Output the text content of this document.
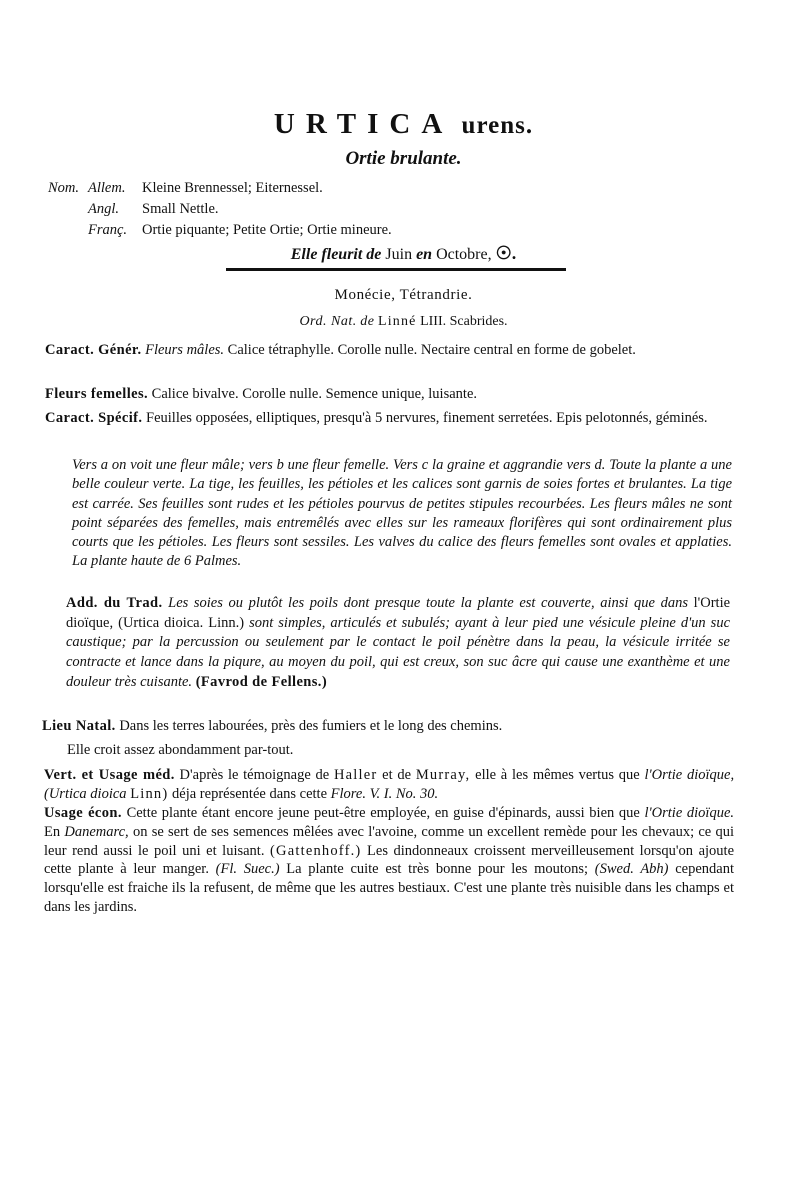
URTICA urens.
Ortie brulante.
Nom. Allem.	Kleine Brennessel; Eiternessel.
Angl.	Small Nettle.
Franç.	Ortie piquante; Petite Ortie; Ortie mineure.
Elle fleurit de Juin en Octobre, ☉.
Monécie, Tétrandrie.
Ord. Nat. de Linné LIII. Scabrides.

Caract. Génér. Fleurs mâles. Calice tétraphylle. Corolle nulle. Nectaire central en forme de gobelet.

Fleurs femelles. Calice bivalve. Corolle nulle. Semence unique, luisante.

Caract. Spécif. Feuilles opposées, elliptiques, presqu'à 5 nervures, finement serretées. Epis pelotonnés, géminés.

Vers a on voit une fleur mâle; vers b une fleur femelle. Vers c la graine et aggrandie vers d. Toute la plante a une belle couleur verte. La tige, les feuilles, les pétioles et les calices sont garnis de soies fortes et brulantes. La tige est carrée. Ses feuilles sont rudes et les pétioles pourvus de petites stipules recourbées. Les fleurs mâles ne sont point séparées des femelles, mais entremêlés avec elles sur les rameaux florifères qui sont ordinairement plus courts que les pétioles. Les fleurs sont sessiles. Les valves du calice des fleurs femelles sont ovales et applaties. La plante haute de 6 Palmes.

Add. du Trad. Les soies ou plutôt les poils dont presque toute la plante est couverte, ainsi que dans l'Ortie dioïque, (Urtica dioica. Linn.) sont simples, articulés et subulés; ayant à leur pied une vésicule pleine d'un suc caustique; par la percussion ou seulement par le contact le poil pénètre dans la peau, la vésicule irritée se contracte et lance dans la piqure, au moyen du poil, qui est creux, son suc âcre qui cause une exanthème et une douleur très cuisante. (Favrod de Fellens.)

Lieu Natal. Dans les terres labourées, près des fumiers et le long des chemins.

Elle croit assez abondamment par-tout.

Vert. et Usage méd. D'après le témoignage de Haller et de Murray, elle à les mêmes vertus que l'Ortie dioïque, (Urtica dioica Linn) déja représentée dans cette Flore. V. I. No. 30.

Usage écon. Cette plante étant encore jeune peut-être employée, en guise d'épinards, aussi bien que l'Ortie dioïque. En Danemarc, on se sert de ses semences mêlées avec l'avoine, comme un excellent remède pour les chevaux; ce qui leur rend aussi le poil uni et luisant. (Gattenhoff.) Les dindonneaux croissent merveilleusement lorsqu'on ajoute cette plante à leur manger. (Fl. Suec.) La plante cuite est très bonne pour les moutons; (Swed. Abh) cependant lorsqu'elle est fraiche ils la refusent, de même que les autres bestiaux. C'est une plante très nuisible dans les champs et dans les jardins.
